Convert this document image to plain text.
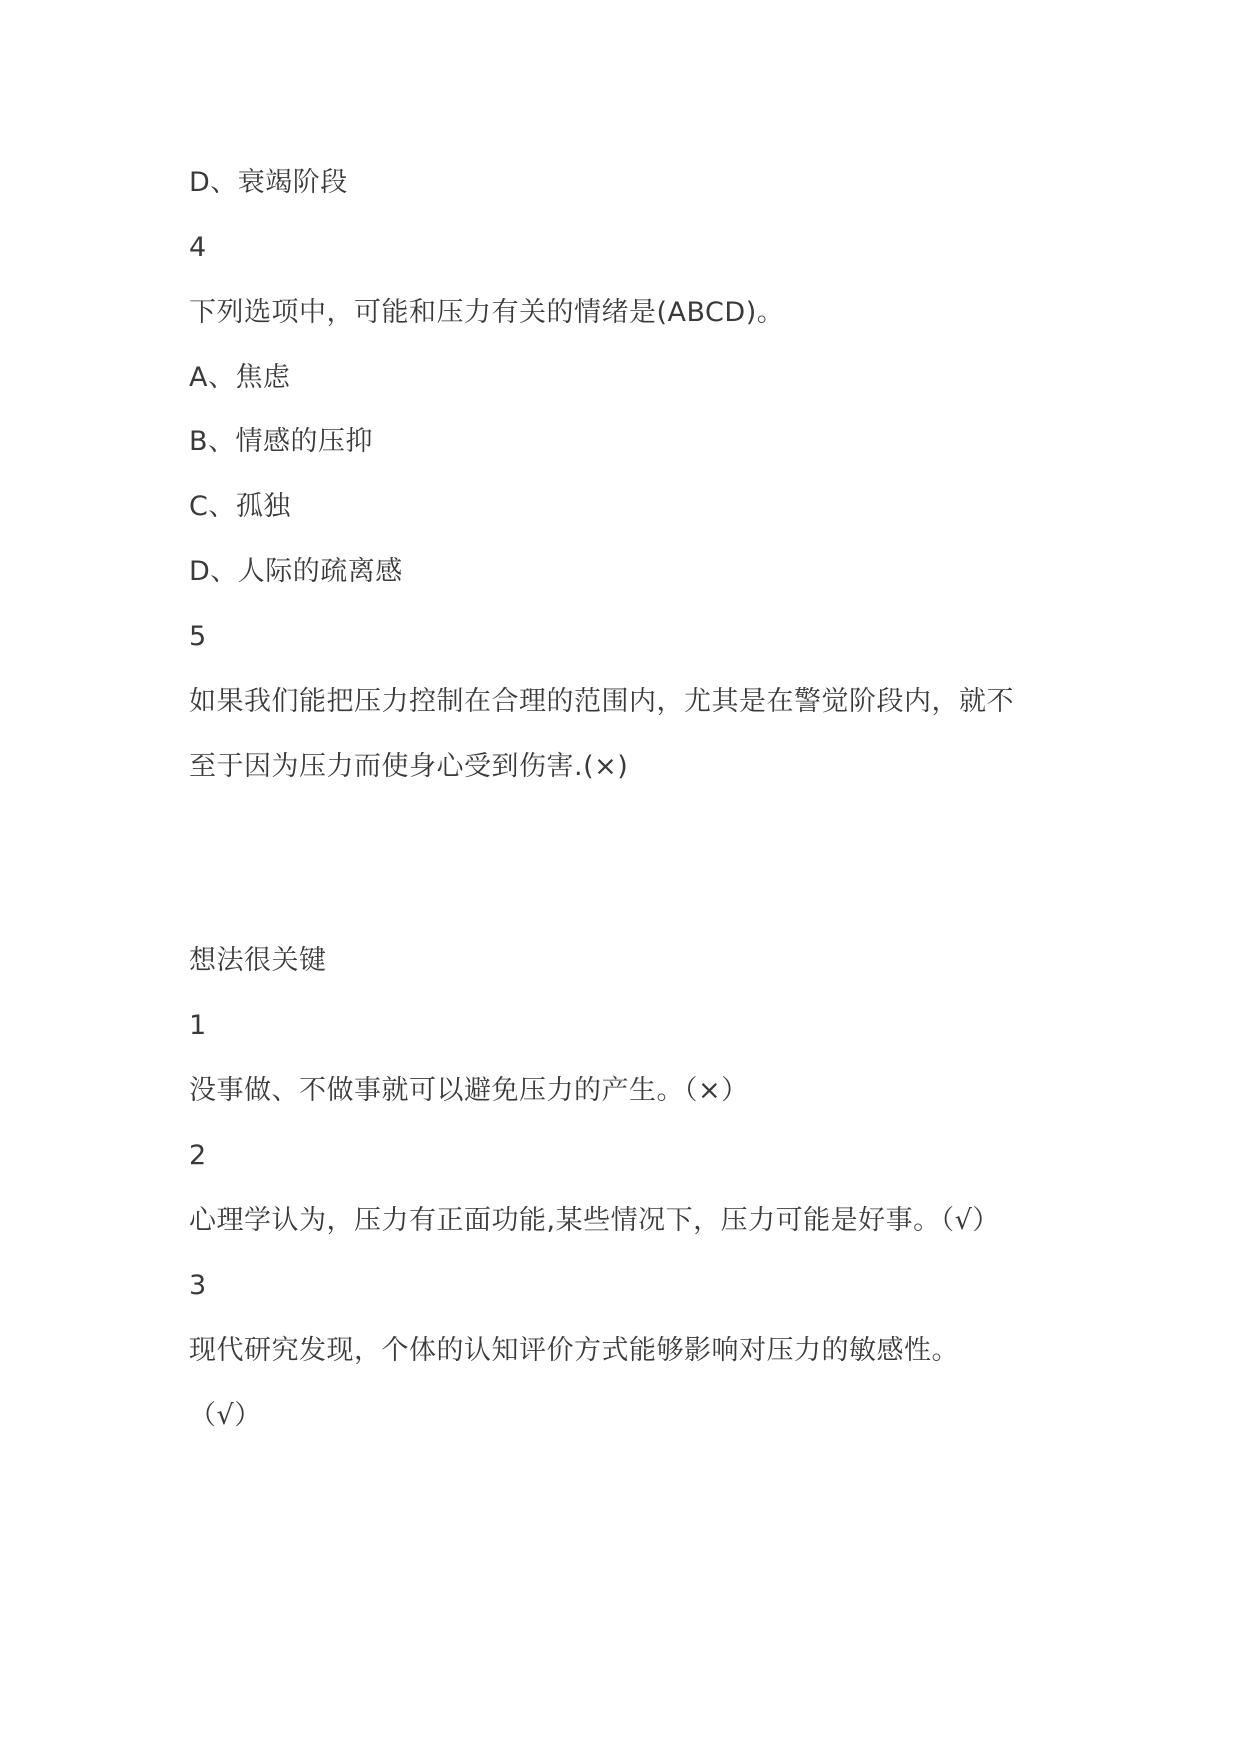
D、衰竭阶段
4
下列选项中，可能和压力有关的情绪是(ABCD)。
A、焦虑
B、情感的压抑
C、孤独
D、人际的疏离感
5
如果我们能把压力控制在合理的范围内，尤其是在警觉阶段内，就不
至于因为压力而使身心受到伤害.(×)
想法很关键
1
没事做、不做事就可以避免压力的产生。（×）
2
心理学认为，压力有正面功能,某些情况下，压力可能是好事。（√）
3
现代研究发现，个体的认知评价方式能够影响对压力的敏感性。
（√）
